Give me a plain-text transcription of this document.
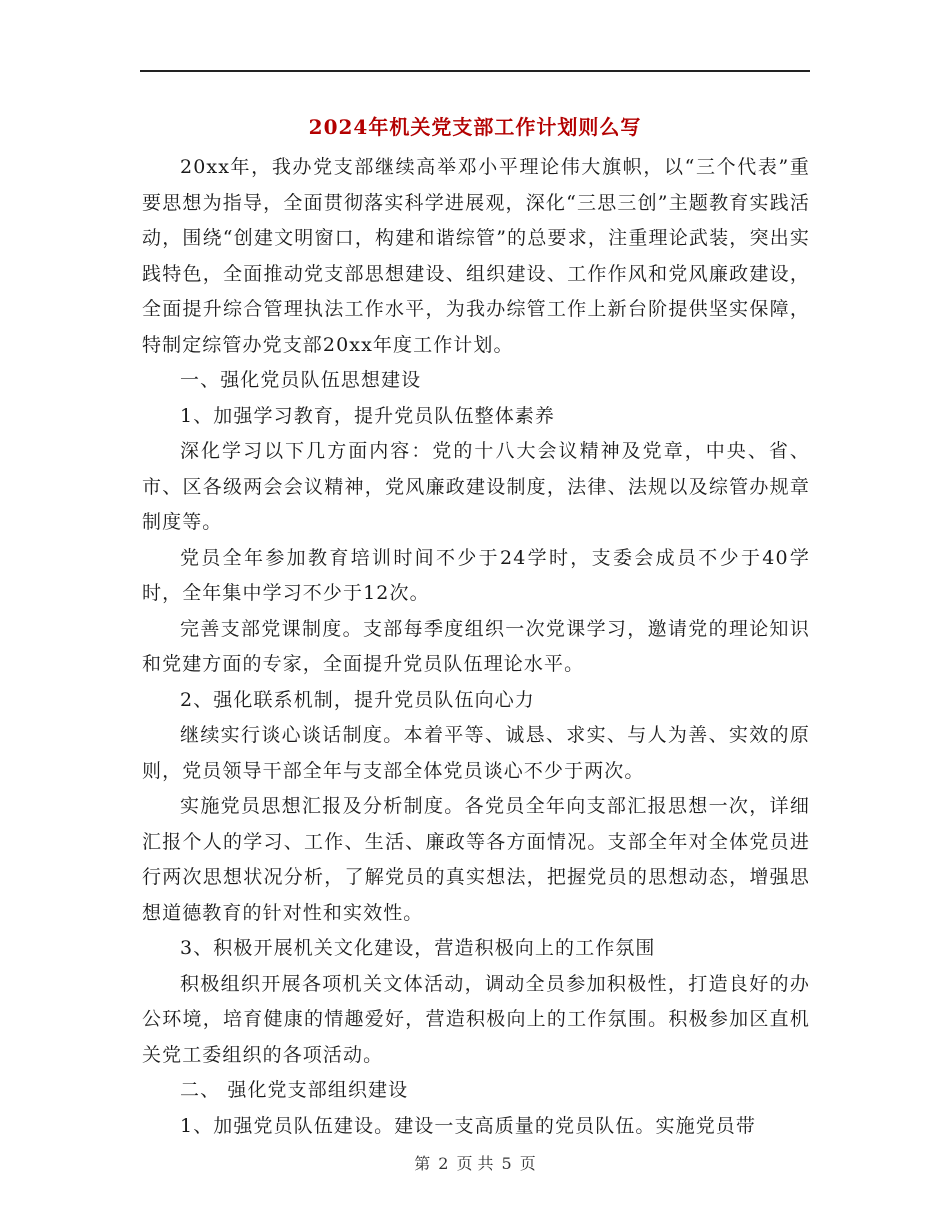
2024年机关党支部工作计划则么写

20xx年，我办党支部继续高举邓小平理论伟大旗帜，以“三个代表”重要思想为指导，全面贯彻落实科学进展观，深化“三思三创”主题教育实践活动，围绕“创建文明窗口，构建和谐综管”的总要求，注重理论武装，突出实践特色，全面推动党支部思想建设、组织建设、工作作风和党风廉政建设，全面提升综合管理执法工作水平，为我办综管工作上新台阶提供坚实保障，特制定综管办党支部20xx年度工作计划。

一、强化党员队伍思想建设

1、加强学习教育，提升党员队伍整体素养

深化学习以下几方面内容：党的十八大会议精神及党章，中央、省、市、区各级两会会议精神，党风廉政建设制度，法律、法规以及综管办规章制度等。

党员全年参加教育培训时间不少于24学时，支委会成员不少于40学时，全年集中学习不少于12次。

完善支部党课制度。支部每季度组织一次党课学习，邀请党的理论知识和党建方面的专家，全面提升党员队伍理论水平。

2、强化联系机制，提升党员队伍向心力

继续实行谈心谈话制度。本着平等、诚恳、求实、与人为善、实效的原则，党员领导干部全年与支部全体党员谈心不少于两次。

实施党员思想汇报及分析制度。各党员全年向支部汇报思想一次，详细汇报个人的学习、工作、生活、廉政等各方面情况。支部全年对全体党员进行两次思想状况分析，了解党员的真实想法，把握党员的思想动态，增强思想道德教育的针对性和实效性。

3、积极开展机关文化建设，营造积极向上的工作氛围

积极组织开展各项机关文体活动，调动全员参加积极性，打造良好的办公环境，培育健康的情趣爱好，营造积极向上的工作氛围。积极参加区直机关党工委组织的各项活动。

二、 强化党支部组织建设

1、加强党员队伍建设。建设一支高质量的党员队伍。实施党员带

第 2 页 共 5 页
